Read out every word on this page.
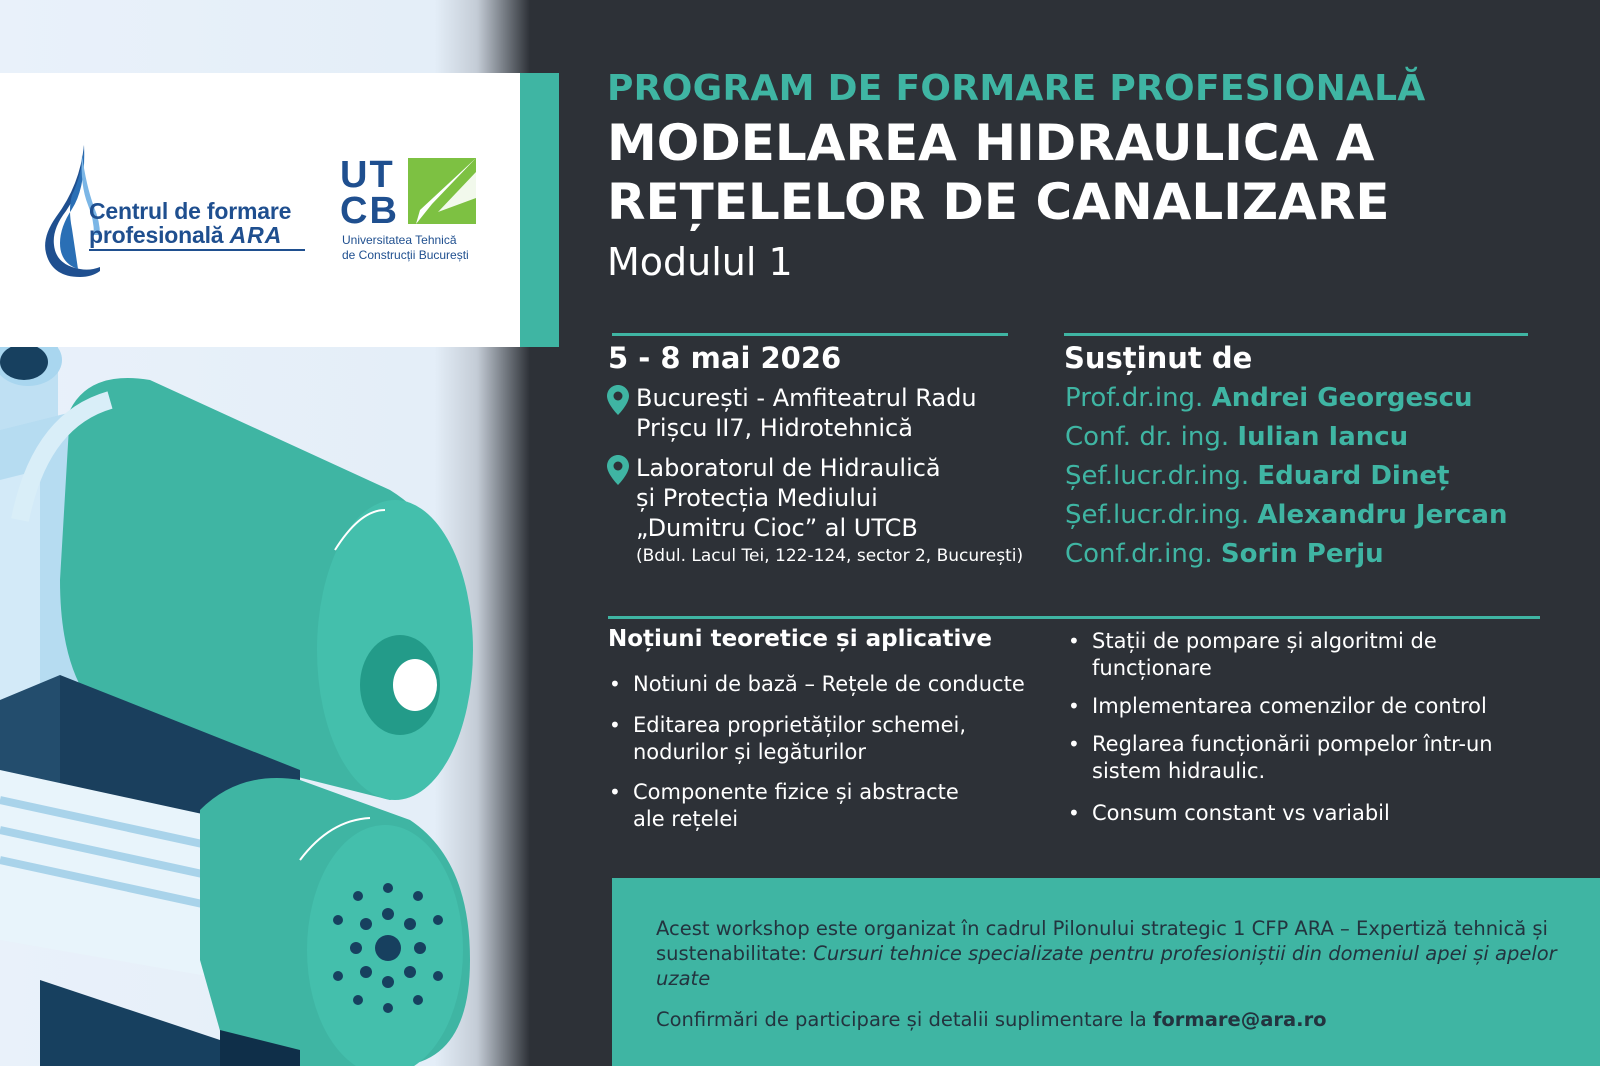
Centrul de formare
profesională ARA
UT
CB
Universitatea Tehnică
de Construcții București
PROGRAM DE FORMARE PROFESIONALĂ
MODELAREA HIDRAULICA A
REȚELELOR DE CANALIZARE
Modulul 1
5 - 8 mai 2026
București - Amfiteatrul Radu
Prișcu II7, Hidrotehnică
Laboratorul de Hidraulică
și Protecția Mediului
„Dumitru Cioc” al UTCB
(Bdul. Lacul Tei, 122-124, sector 2, București)
Susținut de
Prof.dr.ing. Andrei Georgescu
Conf. dr. ing. Iulian Iancu
Șef.lucr.dr.ing. Eduard Dineț
Șef.lucr.dr.ing. Alexandru Jercan
Conf.dr.ing. Sorin Perju
Noțiuni teoretice și aplicative
• Notiuni de bază – Rețele de conducte
• Editarea proprietăților schemei, nodurilor și legăturilor
• Componente fizice și abstracte ale rețelei
• Stații de pompare și algoritmi de funcționare
• Implementarea comenzilor de control
• Reglarea funcționării pompelor într-un sistem hidraulic.
• Consum constant vs variabil
Acest workshop este organizat în cadrul Pilonului strategic 1 CFP ARA – Expertiză tehnică și sustenabilitate: Cursuri tehnice specializate pentru profesioniștii din domeniul apei și apelor uzate
Confirmări de participare și detalii suplimentare la formare@ara.ro
